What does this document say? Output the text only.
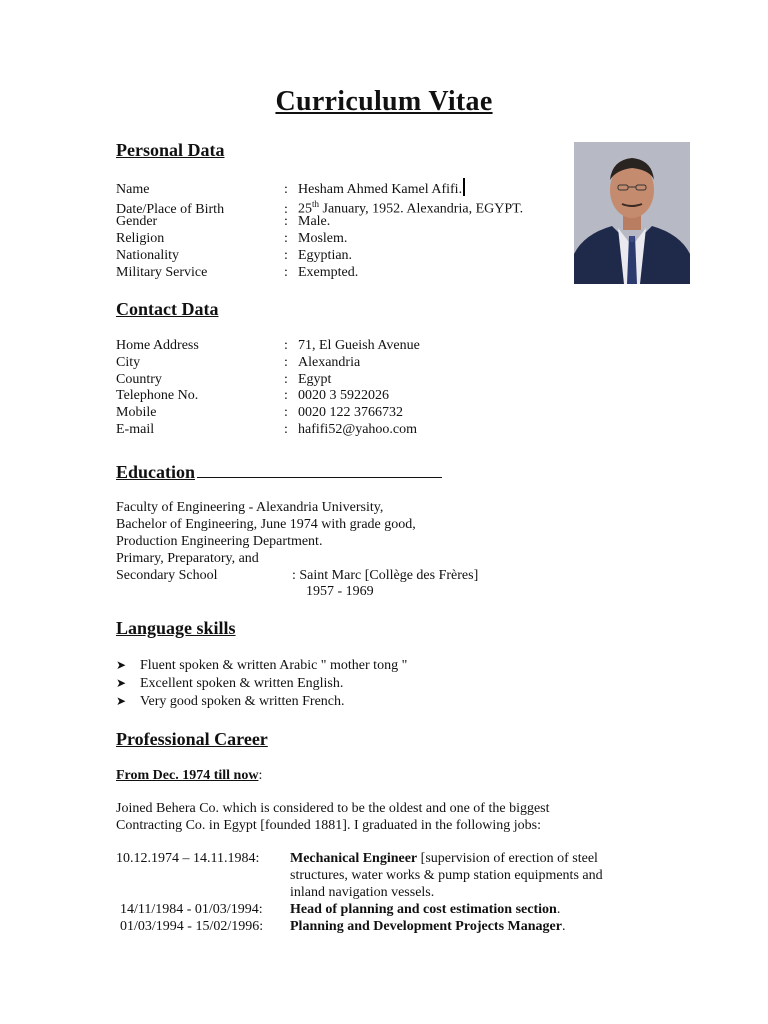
Curriculum Vitae
Personal Data
Name	: Hesham Ahmed Kamel Afifi.
Date/Place of Birth	: 25th January, 1952. Alexandria, EGYPT.
Gender	: Male.
Religion	: Moslem.
Nationality	: Egyptian.
Military Service	: Exempted.
Contact Data
Home Address	: 71, El Gueish Avenue
City	: Alexandria
Country	: Egypt
Telephone No.	: 0020 3 5922026
Mobile	: 0020 122 3766732
E-mail	: hafifi52@yahoo.com
Education
Faculty of Engineering - Alexandria University,
Bachelor of Engineering, June 1974 with grade good,
Production Engineering Department.
Primary, Preparatory, and
Secondary School	: Saint Marc [Collège des Frères]
1957 - 1969
Language skills
➤ Fluent spoken & written Arabic " mother tong "
➤ Excellent spoken & written English.
➤ Very good spoken & written French.
Professional Career
From Dec. 1974 till now:
Joined Behera Co. which is considered to be the oldest and one of the biggest
Contracting Co. in Egypt [founded 1881]. I graduated in the following jobs:
10.12.1974 – 14.11.1984: Mechanical Engineer [supervision of erection of steel
structures, water works & pump station equipments and
inland navigation vessels.
14/11/1984 - 01/03/1994: Head of planning and cost estimation section.
01/03/1994 - 15/02/1996: Planning and Development Projects Manager.
